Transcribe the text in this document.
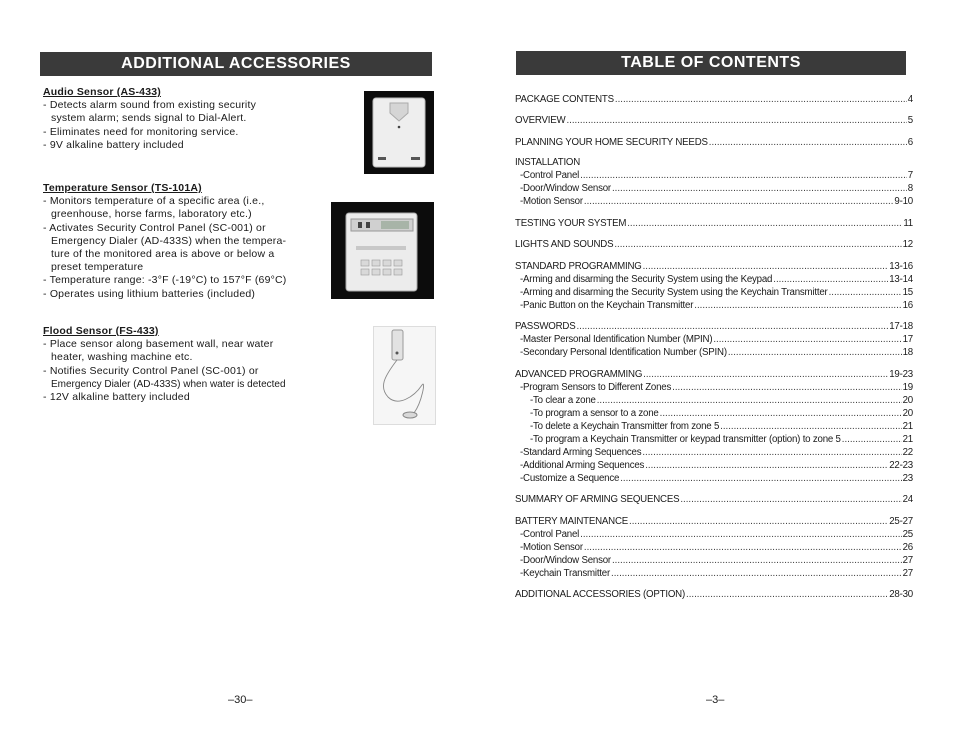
ADDITIONAL ACCESSORIES
Audio Sensor (AS-433)
- Detects alarm sound from existing security
system alarm; sends signal to Dial-Alert.
- Eliminates need for monitoring service.
- 9V alkaline battery included
Temperature Sensor (TS-101A)
- Monitors temperature of a specific area (i.e.,
greenhouse, horse farms, laboratory etc.)
- Activates Security Control Panel (SC-001) or
Emergency Dialer (AD-433S) when the tempera-
ture of the monitored area is above or below a
preset temperature
- Temperature range: -3°F (-19°C) to 157°F (69°C)
- Operates using lithium batteries (included)
Flood Sensor (FS-433)
- Place sensor along basement wall, near water
heater, washing machine etc.
- Notifies Security Control Panel (SC-001) or
Emergency Dialer (AD-433S) when water is detected
- 12V alkaline battery included
–30–
TABLE OF CONTENTS
PACKAGE CONTENTS .....	4
OVERVIEW .....	5
PLANNING YOUR HOME SECURITY NEEDS .....	6
INSTALLATION
-Control Panel .....	7
-Door/Window Sensor .....	8
-Motion Sensor .....	9-10
TESTING YOUR SYSTEM .....	11
LIGHTS AND SOUNDS .....	12
STANDARD PROGRAMMING .....	13-16
-Arming and disarming the Security System using the Keypad .....	13-14
-Arming and disarming the Security System using the Keychain Transmitter .....	15
-Panic Button on the Keychain Transmitter .....	16
PASSWORDS .....	17-18
-Master Personal Identification Number (MPIN) .....	17
-Secondary Personal Identification Number (SPIN) .....	18
ADVANCED PROGRAMMING .....	19-23
-Program Sensors to Different Zones .....	19
-To clear a zone .....	20
-To program a sensor to a zone .....	20
-To delete a Keychain Transmitter from zone 5 .....	21
-To program a Keychain Transmitter or keypad transmitter (option) to zone 5 .....	21
-Standard Arming Sequences .....	22
-Additional Arming Sequences .....	22-23
-Customize a Sequence .....	23
SUMMARY OF ARMING SEQUENCES .....	24
BATTERY MAINTENANCE .....	25-27
-Control Panel .....	25
-Motion Sensor .....	26
-Door/Window Sensor .....	27
-Keychain Transmitter .....	27
ADDITIONAL ACCESSORIES (OPTION) .....	28-30
–3–
